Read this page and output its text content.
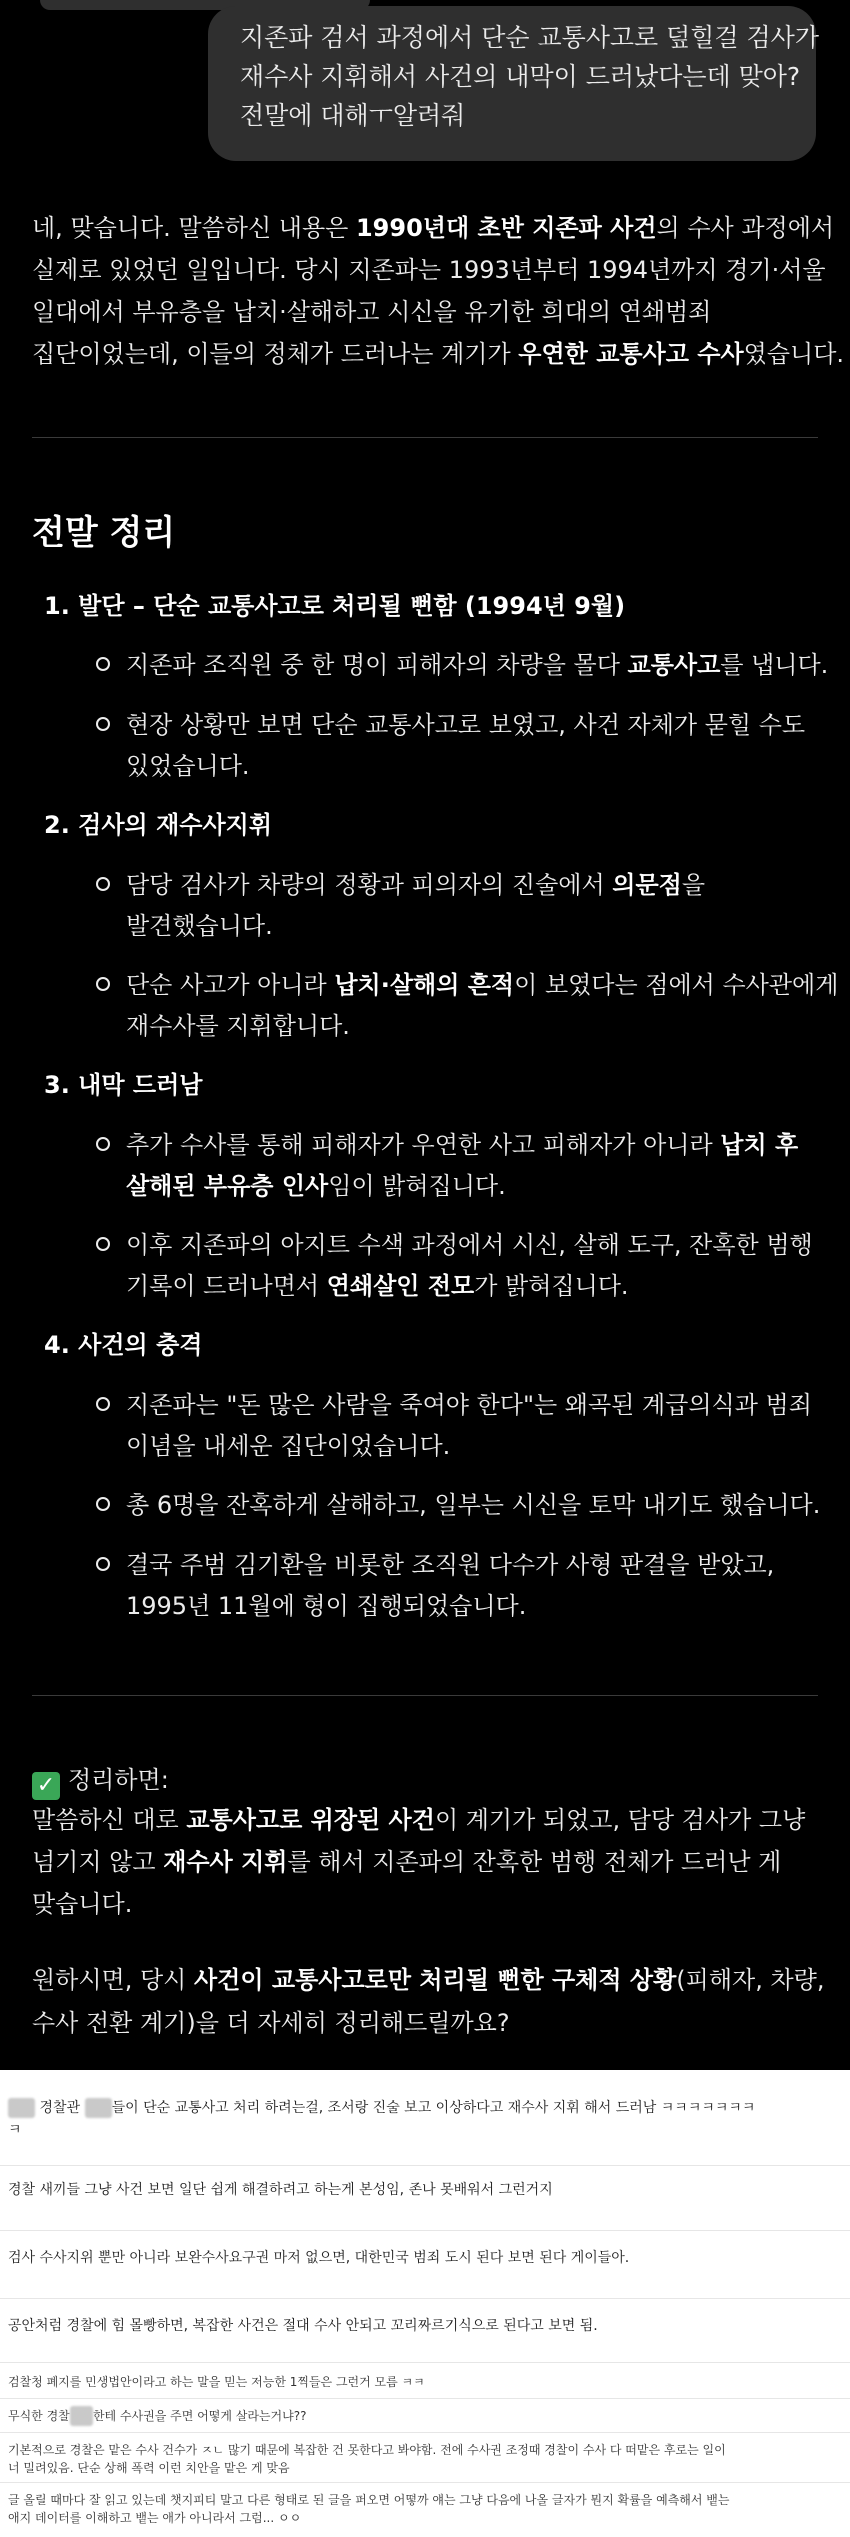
지존파 검서 과정에서 단순 교통사고로 덮힐걸 검사가
재수사 지휘해서 사건의 내막이 드러났다는데 맞아?
전말에 대해ㅜ알려줘
네, 맞습니다. 말씀하신 내용은 1990년대 초반 지존파 사건의 수사 과정에서
실제로 있었던 일입니다. 당시 지존파는 1993년부터 1994년까지 경기·서울
일대에서 부유층을 납치·살해하고 시신을 유기한 희대의 연쇄범죄
집단이었는데, 이들의 정체가 드러나는 계기가 우연한 교통사고 수사였습니다.
전말 정리
1. 발단 – 단순 교통사고로 처리될 뻔함 (1994년 9월)
지존파 조직원 중 한 명이 피해자의 차량을 몰다 교통사고를 냅니다.
현장 상황만 보면 단순 교통사고로 보였고, 사건 자체가 묻힐 수도
있었습니다.
2. 검사의 재수사지휘
담당 검사가 차량의 정황과 피의자의 진술에서 의문점을
발견했습니다.
단순 사고가 아니라 납치·살해의 흔적이 보였다는 점에서 수사관에게
재수사를 지휘합니다.
3. 내막 드러남
추가 수사를 통해 피해자가 우연한 사고 피해자가 아니라 납치 후
살해된 부유층 인사임이 밝혀집니다.
이후 지존파의 아지트 수색 과정에서 시신, 살해 도구, 잔혹한 범행
기록이 드러나면서 연쇄살인 전모가 밝혀집니다.
4. 사건의 충격
지존파는 "돈 많은 사람을 죽여야 한다"는 왜곡된 계급의식과 범죄
이념을 내세운 집단이었습니다.
총 6명을 잔혹하게 살해하고, 일부는 시신을 토막 내기도 했습니다.
결국 주범 김기환을 비롯한 조직원 다수가 사형 판결을 받았고,
1995년 11월에 형이 집행되었습니다.
✓ 정리하면:
말씀하신 대로 교통사고로 위장된 사건이 계기가 되었고, 담당 검사가 그냥
넘기지 않고 재수사 지휘를 해서 지존파의 잔혹한 범행 전체가 드러난 게
맞습니다.
원하시면, 당시 사건이 교통사고로만 처리될 뻔한 구체적 상황(피해자, 차량,
수사 전환 계기)을 더 자세히 정리해드릴까요?
경찰관 들이 단순 교통사고 처리 하려는걸, 조서랑 진술 보고 이상하다고 재수사 지휘 해서 드러남 ㅋㅋㅋㅋㅋㅋㅋ
ㅋ
경찰 새끼들 그냥 사건 보면 일단 쉽게 해결하려고 하는게 본성임, 존나 못배워서 그런거지
검사 수사지위 뿐만 아니라 보완수사요구권 마저 없으면, 대한민국 범죄 도시 된다 보면 된다 게이들아.
공안처럼 경찰에 힘 몰빵하면, 복잡한 사건은 절대 수사 안되고 꼬리짜르기식으로 된다고 보면 됨.
검찰청 폐지를 민생법안이라고 하는 말을 믿는 저능한 1찍들은 그런거 모름 ㅋㅋ
무식한 경찰 한테 수사권을 주면 어떻게 살라는거냐??
기본적으로 경찰은 맡은 수사 건수가 ㅈㄴ 많기 때문에 복잡한 건 못한다고 봐야함. 전에 수사권 조정때 경찰이 수사 다 떠맡은 후로는 일이
너 밀려있음. 단순 상해 폭력 이런 치안을 맡은 게 맞음
글 올릴 때마다 잘 읽고 있는데 챗지피티 말고 다른 형태로 된 글을 퍼오면 어떻까 얘는 그냥 다음에 나올 글자가 뭔지 확률을 예측해서 뱉는
애지 데이터를 이해하고 뱉는 애가 아니라서 그럼... ㅇㅇ
